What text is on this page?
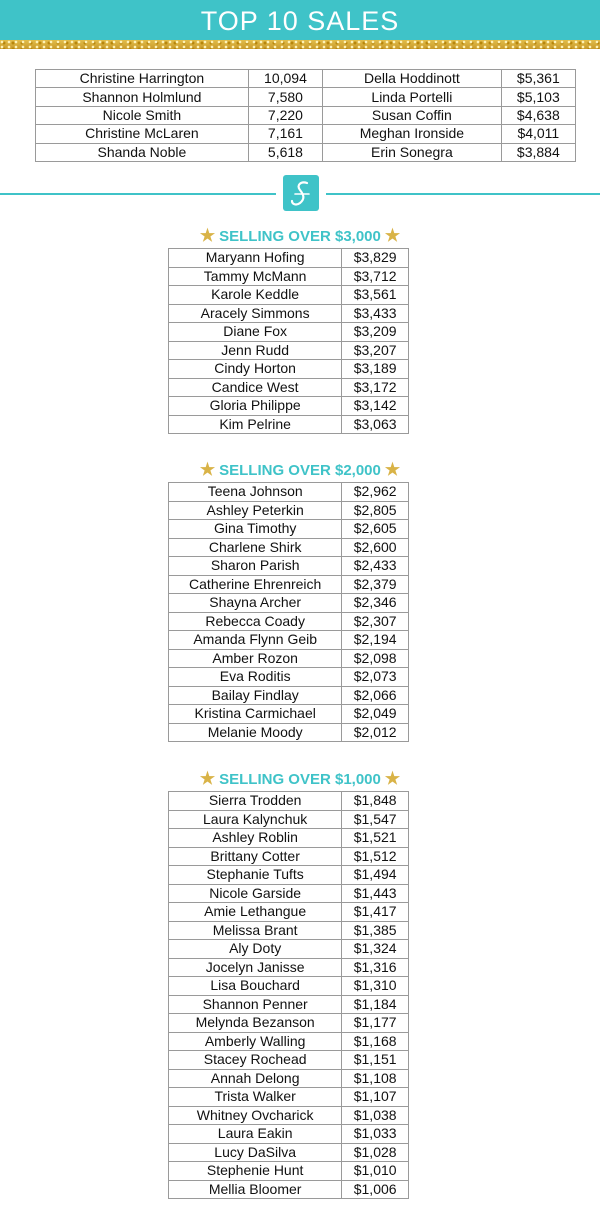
TOP 10 SALES
Christine Harrington	10,094	Della Hoddinott	$5,361
Shannon Holmlund	7,580	Linda Portelli	$5,103
Nicole Smith	7,220	Susan Coffin	$4,638
Christine McLaren	7,161	Meghan Ironside	$4,011
Shanda Noble	5,618	Erin Sonegra	$3,884
★ SELLING OVER $3,000 ★
Maryann Hofing	$3,829
Tammy McMann	$3,712
Karole Keddle	$3,561
Aracely Simmons	$3,433
Diane Fox	$3,209
Jenn Rudd	$3,207
Cindy Horton	$3,189
Candice West	$3,172
Gloria Philippe	$3,142
Kim Pelrine	$3,063
★ SELLING OVER $2,000 ★
Teena Johnson	$2,962
Ashley Peterkin	$2,805
Gina Timothy	$2,605
Charlene Shirk	$2,600
Sharon Parish	$2,433
Catherine Ehrenreich	$2,379
Shayna Archer	$2,346
Rebecca Coady	$2,307
Amanda Flynn Geib	$2,194
Amber Rozon	$2,098
Eva Roditis	$2,073
Bailay Findlay	$2,066
Kristina Carmichael	$2,049
Melanie Moody	$2,012
★ SELLING OVER $1,000 ★
Sierra Trodden	$1,848
Laura Kalynchuk	$1,547
Ashley Roblin	$1,521
Brittany Cotter	$1,512
Stephanie Tufts	$1,494
Nicole Garside	$1,443
Amie Lethangue	$1,417
Melissa Brant	$1,385
Aly Doty	$1,324
Jocelyn Janisse	$1,316
Lisa Bouchard	$1,310
Shannon Penner	$1,184
Melynda Bezanson	$1,177
Amberly Walling	$1,168
Stacey Rochead	$1,151
Annah Delong	$1,108
Trista Walker	$1,107
Whitney Ovcharick	$1,038
Laura Eakin	$1,033
Lucy DaSilva	$1,028
Stephenie Hunt	$1,010
Mellia Bloomer	$1,006
